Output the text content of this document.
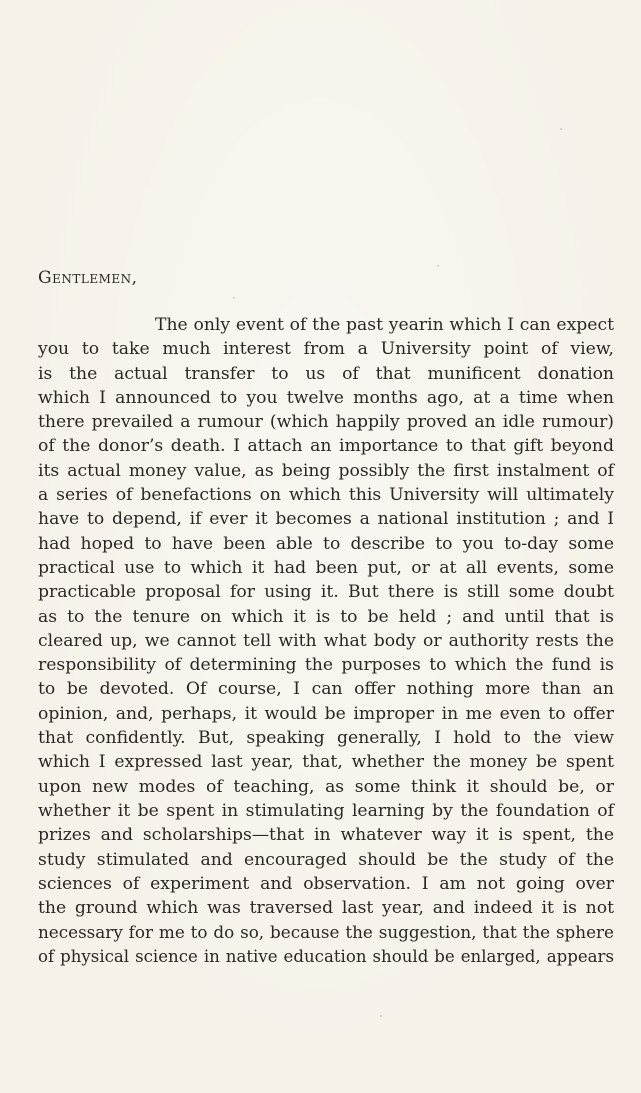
Gentlemen,
The only event of the past yearin which I can expect
you to take much interest from a University point of view,
is the actual transfer to us of that munificent donation
which I announced to you twelve months ago, at a time when
there prevailed a rumour (which happily proved an idle rumour)
of the donor’s death. I attach an importance to that gift beyond
its actual money value, as being possibly the first instalment of
a series of benefactions on which this University will ultimately
have to depend, if ever it becomes a national institution ; and I
had hoped to have been able to describe to you to-day some
practical use to which it had been put, or at all events, some
practicable proposal for using it. But there is still some doubt
as to the tenure on which it is to be held ; and until that is
cleared up, we cannot tell with what body or authority rests the
responsibility of determining the purposes to which the fund is
to be devoted. Of course, I can offer nothing more than an
opinion, and, perhaps, it would be improper in me even to offer
that confidently. But, speaking generally, I hold to the view
which I expressed last year, that, whether the money be spent
upon new modes of teaching, as some think it should be, or
whether it be spent in stimulating learning by the foundation of
prizes and scholarships—that in whatever way it is spent, the
study stimulated and encouraged should be the study of the
sciences of experiment and observation. I am not going over
the ground which was traversed last year, and indeed it is not
necessary for me to do so, because the suggestion, that the sphere
of physical science in native education should be enlarged, appears
